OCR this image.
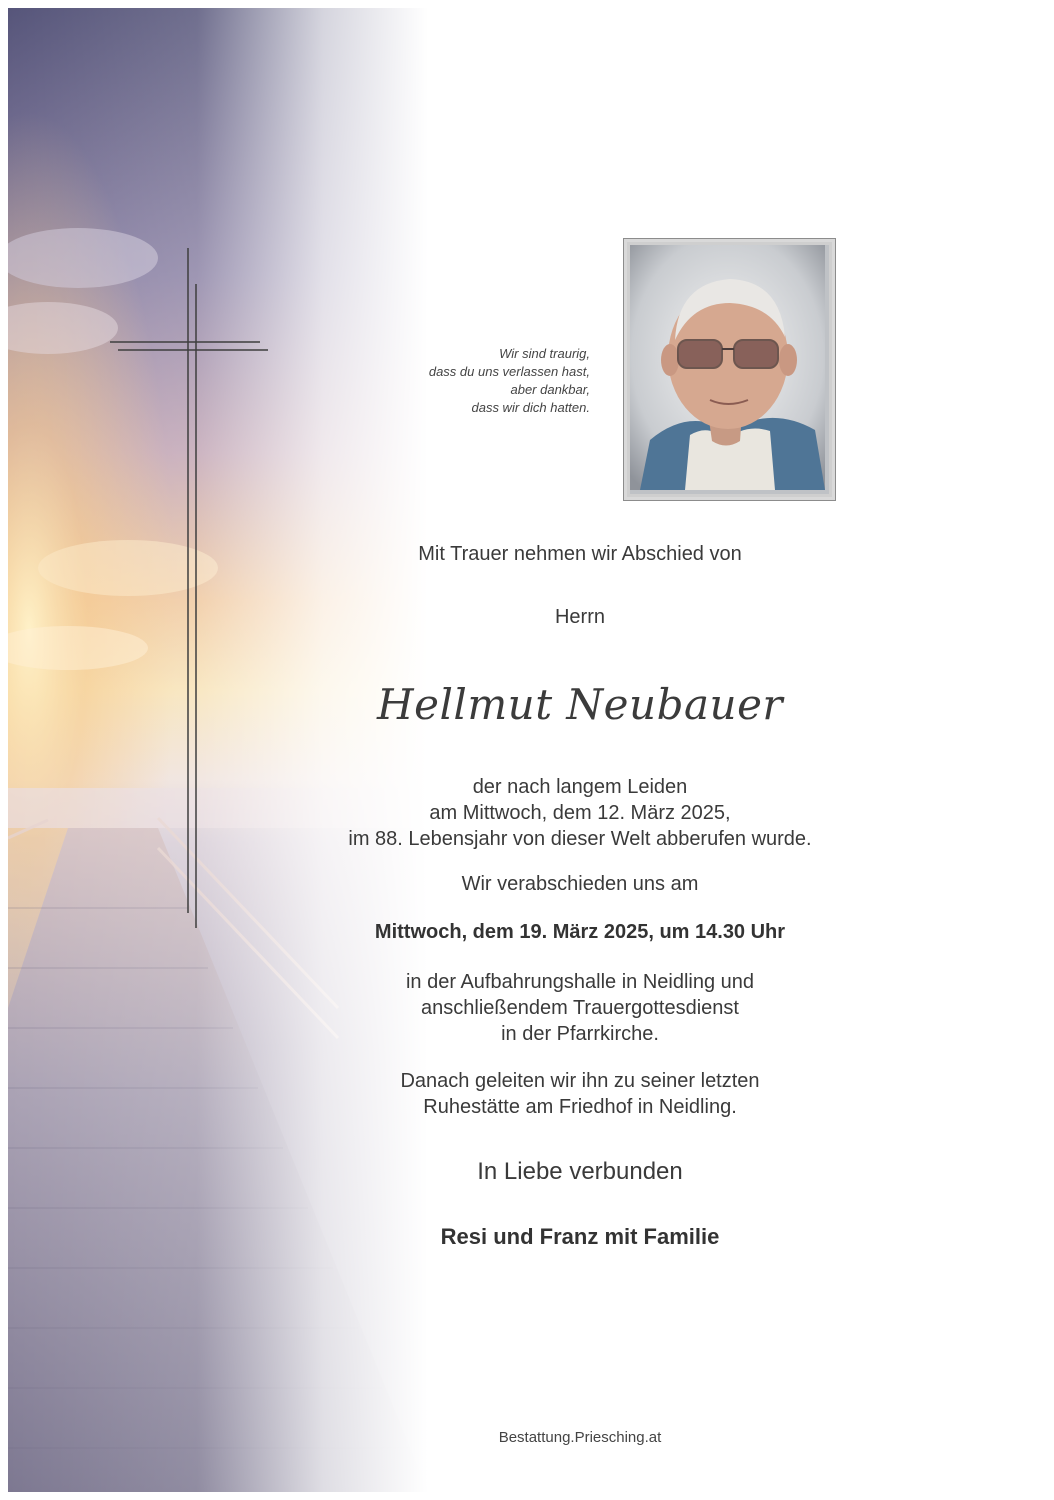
Wir sind traurig,
dass du uns verlassen hast,
aber dankbar,
dass wir dich hatten.
Mit Trauer nehmen wir Abschied von
Herrn
Hellmut Neubauer
der nach langem Leiden
am Mittwoch, dem 12. März 2025,
im 88. Lebensjahr von dieser Welt abberufen wurde.
Wir verabschieden uns am
Mittwoch, dem 19. März 2025, um 14.30 Uhr
in der Aufbahrungshalle in Neidling und
anschließendem Trauergottesdienst
in der Pfarrkirche.
Danach geleiten wir ihn zu seiner letzten
Ruhestätte am Friedhof in Neidling.
In Liebe verbunden
Resi und Franz mit Familie
Bestattung.Priesching.at
